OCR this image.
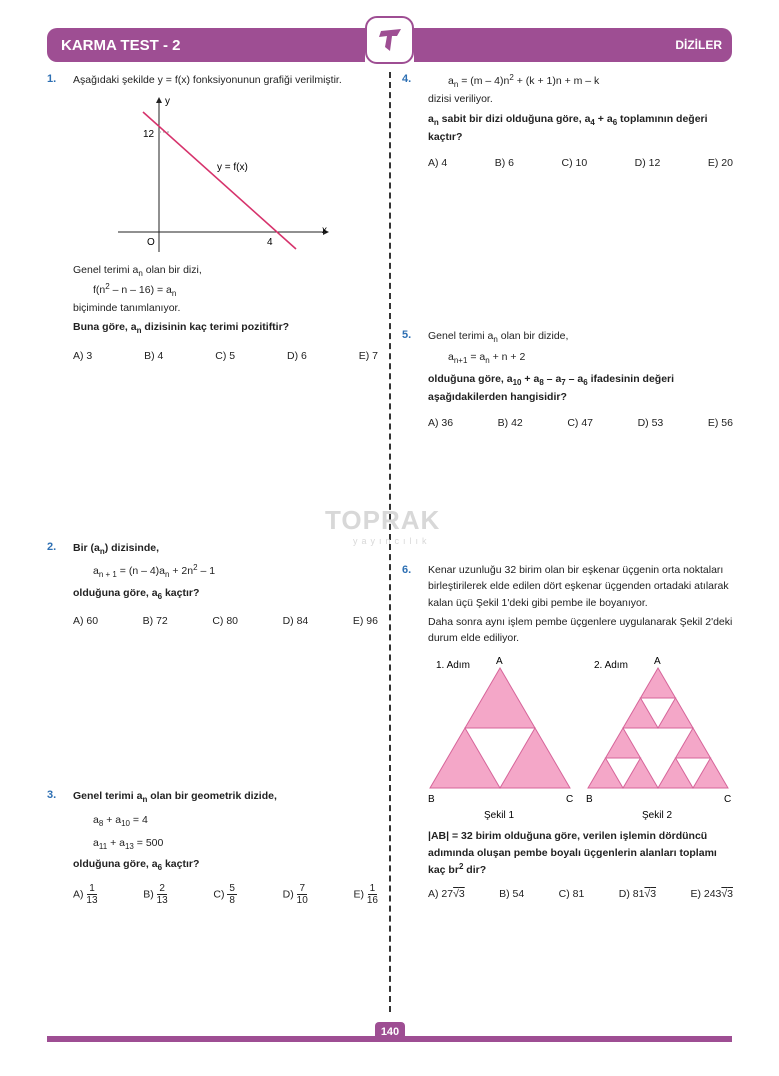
KARMA TEST - 2	DİZİLER
TOPRAK
yayıncılık
1. Aşağıdaki şekilde y = f(x) fonksiyonunun grafiği verilmiştir.
y
x
O
12
4
y = f(x)
Genel terimi $a_n$ olan bir dizi,
$f(n^2 - n - 16) = a_n$
biçiminde tanımlanıyor.
Buna göre, $a_n$ dizisinin kaç terimi pozitiftir?
A) 3	B) 4	C) 5	D) 6	E) 7
2. Bir $(a_n)$ dizisinde,
$a_{n + 1} = (n - 4)a_n + 2n^2 - 1$
olduğuna göre, $a_6$ kaçtır?
A) 60	B) 72	C) 80	D) 84	E) 96
3. Genel terimi $a_n$ olan bir geometrik dizide,
$a_8 + a_{10} = 4$
$a_{11} + a_{13} = 500$
olduğuna göre, $a_6$ kaçtır?
$A) \frac{1}{13}$	$B) \frac{2}{13}$	$C) \frac{5}{8}$	$D) \frac{7}{10}$	$E) \frac{1}{16}$
4.	$a_n = (m - 4)n^2 + (k + 1)n + m - k$
dizisi veriliyor.
$a_n$ sabit bir dizi olduğuna göre, $a_4 + a_6$ toplamının değeri kaçtır?
A) 4	B) 6	C) 10	D) 12	E) 20
5. Genel terimi $a_n$ olan bir dizide,
$a_{n+1} = a_n + n + 2$
olduğuna göre, $a_{10} + a_8 - a_7 - a_6$ ifadesinin değeri aşağıdakilerden hangisidir?
A) 36	B) 42	C) 47	D) 53	E) 56
6. Kenar uzunluğu 32 birim olan bir eşkenar üçgenin orta noktaları birleştirilerek elde edilen dört eşkenar üçgenden ortadaki atılarak kalan üçü Şekil 1'deki gibi pembe ile boyanıyor.
Daha sonra aynı işlem pembe üçgenlere uygulanarak Şekil 2'deki durum elde ediliyor.
1. Adım	A
B	C
Şekil 1
2. Adım	A
B	C
Şekil 2
|AB| = 32 birim olduğuna göre, verilen işlemin dördüncü adımında oluşan pembe boyalı üçgenlerin alanları toplamı kaç $br^2$ dir?
A) 27√3	B) 54	C) 81	D) 81√3	E) 243√3
140
